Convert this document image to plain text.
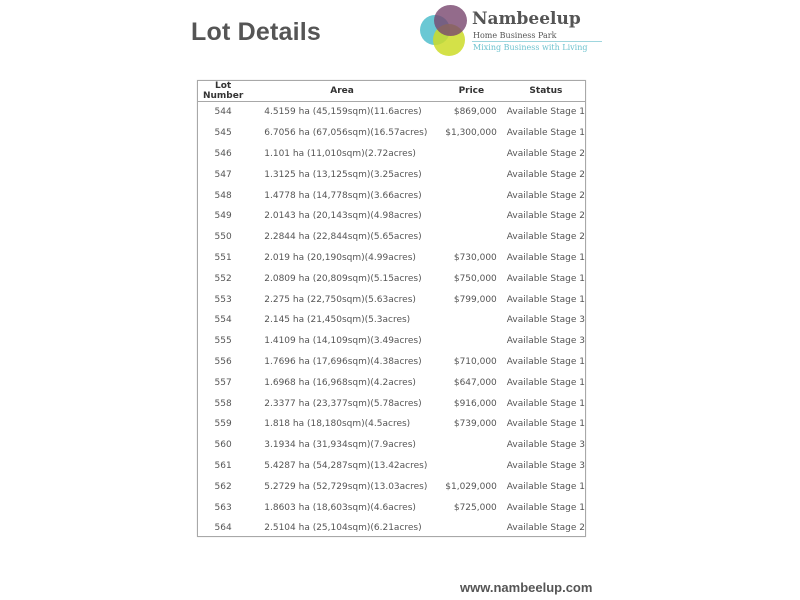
Lot Details	Nambeelup
Home Business Park
Mixing Business with Living
Lot Number	Area	Price	Status
544	4.5159 ha (45,159sqm)(11.6acres)	$869,000	Available Stage 1
545	6.7056 ha (67,056sqm)(16.57acres)	$1,300,000	Available Stage 1
546	1.101 ha (11,010sqm)(2.72acres)		Available Stage 2
547	1.3125 ha (13,125sqm)(3.25acres)		Available Stage 2
548	1.4778 ha (14,778sqm)(3.66acres)		Available Stage 2
549	2.0143 ha (20,143sqm)(4.98acres)		Available Stage 2
550	2.2844 ha (22,844sqm)(5.65acres)		Available Stage 2
551	2.019 ha (20,190sqm)(4.99acres)	$730,000	Available Stage 1
552	2.0809 ha (20,809sqm)(5.15acres)	$750,000	Available Stage 1
553	2.275 ha (22,750sqm)(5.63acres)	$799,000	Available Stage 1
554	2.145 ha (21,450sqm)(5.3acres)		Available Stage 3
555	1.4109 ha (14,109sqm)(3.49acres)		Available Stage 3
556	1.7696 ha (17,696sqm)(4.38acres)	$710,000	Available Stage 1
557	1.6968 ha (16,968sqm)(4.2acres)	$647,000	Available Stage 1
558	2.3377 ha (23,377sqm)(5.78acres)	$916,000	Available Stage 1
559	1.818 ha (18,180sqm)(4.5acres)	$739,000	Available Stage 1
560	3.1934 ha (31,934sqm)(7.9acres)		Available Stage 3
561	5.4287 ha (54,287sqm)(13.42acres)		Available Stage 3
562	5.2729 ha (52,729sqm)(13.03acres)	$1,029,000	Available Stage 1
563	1.8603 ha (18,603sqm)(4.6acres)	$725,000	Available Stage 1
564	2.5104 ha (25,104sqm)(6.21acres)		Available Stage 2
www.nambeelup.com
